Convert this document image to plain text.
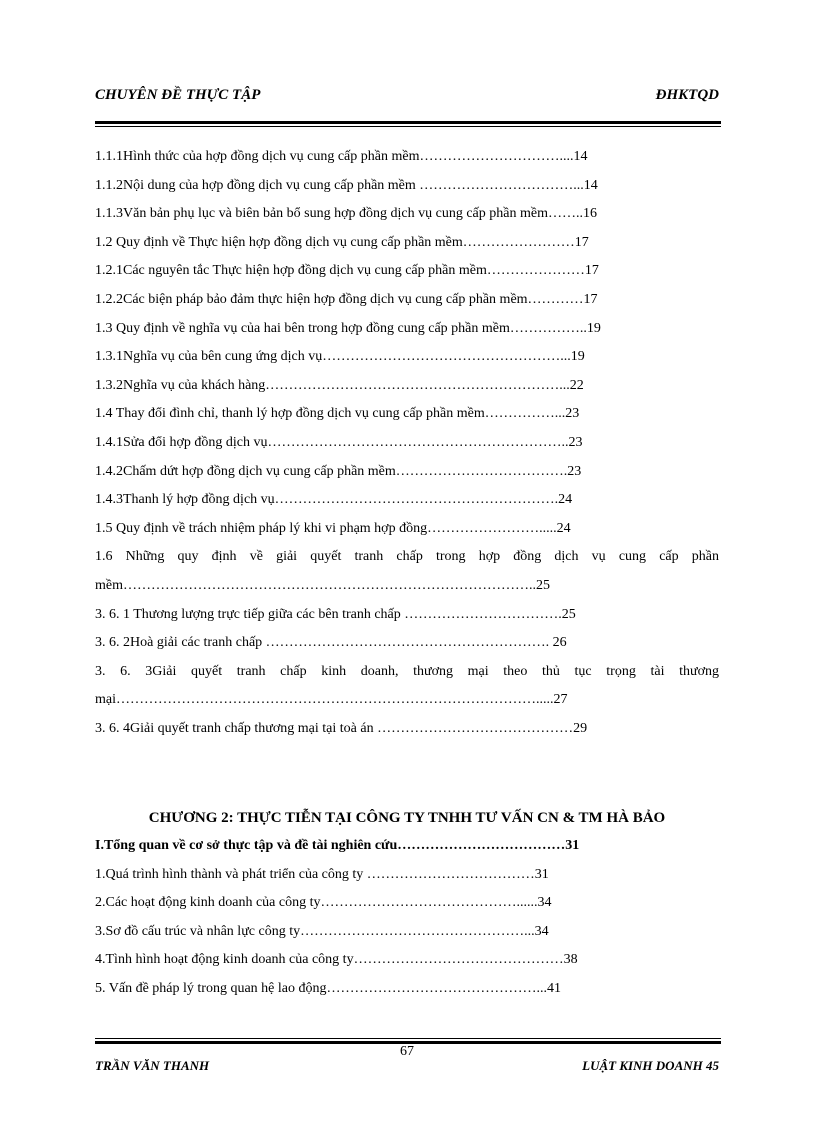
CHUYÊN ĐỀ THỰC TẬP	ĐHKTQD
1.1.1Hình thức của hợp đồng dịch vụ cung cấp phần mềm…………………………....14
1.1.2Nội dung của hợp đồng dịch vụ cung cấp phần mềm ……………………………...14
1.1.3Văn bản phụ lục và biên bản bổ sung hợp đồng dịch vụ cung cấp phần mềm……..16
1.2 Quy định về Thực hiện hợp đồng dịch vụ cung cấp phần mềm……………………17
1.2.1Các nguyên tắc Thực hiện hợp đồng dịch vụ cung cấp phần mềm…………………17
1.2.2Các biện pháp bảo đảm thực hiện hợp đồng dịch vụ cung cấp phần mềm…………17
1.3 Quy định về nghĩa vụ của hai bên trong hợp đồng cung cấp phần mềm……………..19
1.3.1Nghĩa vụ của bên cung ứng dịch vụ……………………………………………...19
1.3.2Nghĩa vụ của khách hàng………………………………………………………...22
1.4 Thay đổi đình chỉ, thanh lý hợp đồng dịch vụ cung cấp phần mềm……………...23
1.4.1Sửa đổi hợp đồng dịch vụ………………………………………………………..23
1.4.2Chấm dứt hợp đồng dịch vụ cung cấp phần mềm……………………………….23
1.4.3Thanh lý hợp đồng dịch vụ…………………………………………………….24
1.5 Quy định về trách nhiệm pháp lý khi vi phạm hợp đồng…………………….....24
1.6 Những quy định về giải quyết tranh chấp trong hợp đồng dịch vụ cung cấp phần mềm……………………………………………………………………………..25
3. 6. 1 Thương lượng trực tiếp giữa các bên tranh chấp …………………………….25
3. 6. 2Hoà giải các tranh chấp ……………………………………………………. 26
3. 6. 3Giải quyết tranh chấp kinh doanh, thương mại theo thủ tục trọng tài thương mại……………………………………………………………………………….....27
3. 6. 4Giải quyết tranh chấp thương mại tại toà án ……………………………………29
CHƯƠNG 2: THỰC TIỄN TẠI CÔNG TY TNHH TƯ VẤN CN & TM HÀ BẢO
I.Tổng quan về cơ sở thực tập và đề tài nghiên cứu………………………………31
1.Quá trình hình thành và phát triển của công ty ………………………………31
2.Các hoạt động kinh doanh của công ty……………………………………......34
3.Sơ đồ cấu trúc và nhân lực công ty…………………………………………...34
4.Tình hình hoạt động kinh doanh của công ty………………………………………38
5. Vấn đề pháp lý trong quan hệ lao động………………………………………...41
TRẦN VĂN THANH
67
LUẬT KINH DOANH 45
